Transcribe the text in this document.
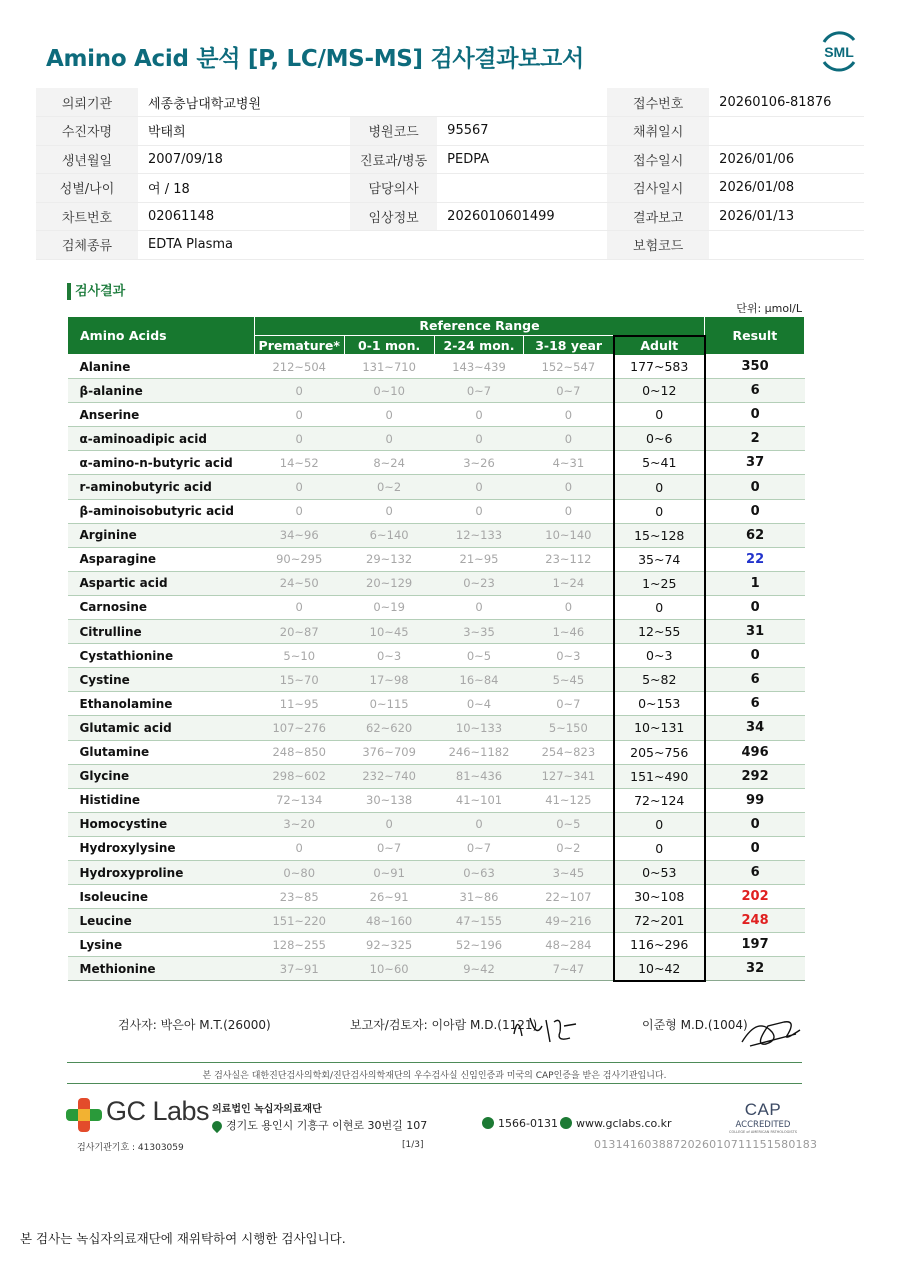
Amino Acid 분석 [P, LC/MS-MS] 검사결과보고서	SML
의뢰기관	세종충남대학교병원			접수번호	20260106-81876
수진자명	박태희	병원코드	95567	채취일시	
생년월일	2007/09/18	진료과/병동	PEDPA	접수일시	2026/01/06
성별/나이	여 / 18	담당의사		검사일시	2026/01/08
차트번호	02061148	임상정보	2026010601499	결과보고	2026/01/13
검체종류	EDTA Plasma			보험코드	
검사결과
단위: μmol/L
Amino Acids	Reference Range					Result
	Premature*	0-1 mon.	2-24 mon.	3-18 year	Adult	
Alanine	212~504	131~710	143~439	152~547	177~583	350
β-alanine	0	0~10	0~7	0~7	0~12	6
Anserine	0	0	0	0	0	0
α-aminoadipic acid	0	0	0	0	0~6	2
α-amino-n-butyric acid	14~52	8~24	3~26	4~31	5~41	37
r-aminobutyric acid	0	0~2	0	0	0	0
β-aminoisobutyric acid	0	0	0	0	0	0
Arginine	34~96	6~140	12~133	10~140	15~128	62
Asparagine	90~295	29~132	21~95	23~112	35~74	22
Aspartic acid	24~50	20~129	0~23	1~24	1~25	1
Carnosine	0	0~19	0	0	0	0
Citrulline	20~87	10~45	3~35	1~46	12~55	31
Cystathionine	5~10	0~3	0~5	0~3	0~3	0
Cystine	15~70	17~98	16~84	5~45	5~82	6
Ethanolamine	11~95	0~115	0~4	0~7	0~153	6
Glutamic acid	107~276	62~620	10~133	5~150	10~131	34
Glutamine	248~850	376~709	246~1182	254~823	205~756	496
Glycine	298~602	232~740	81~436	127~341	151~490	292
Histidine	72~134	30~138	41~101	41~125	72~124	99
Homocystine	3~20	0	0	0~5	0	0
Hydroxylysine	0	0~7	0~7	0~2	0	0
Hydroxyproline	0~80	0~91	0~63	3~45	0~53	6
Isoleucine	23~85	26~91	31~86	22~107	30~108	202
Leucine	151~220	48~160	47~155	49~216	72~201	248
Lysine	128~255	92~325	52~196	48~284	116~296	197
Methionine	37~91	10~60	9~42	7~47	10~42	32
검사자: 박은아 M.T.(26000)	보고자/검토자: 이아람 M.D.(1121)	이준형 M.D.(1004)
본 검사실은 대한진단검사의학회/진단검사의학재단의 우수검사실 신임인증과 미국의 CAP인증을 받은 검사기관입니다.
GC Labs 의료법인 녹십자의료재단
경기도 용인시 기흥구 이현로 30번길 107	1566-0131	www.gclabs.co.kr
CAP
ACCREDITED
COLLEGE of AMERICAN PATHOLOGISTS
검사기관기호 : 41303059	[1/3]	013141603887202601071115158018​3
본 검사는 녹십자의료재단에 재위탁하여 시행한 검사입니다.
